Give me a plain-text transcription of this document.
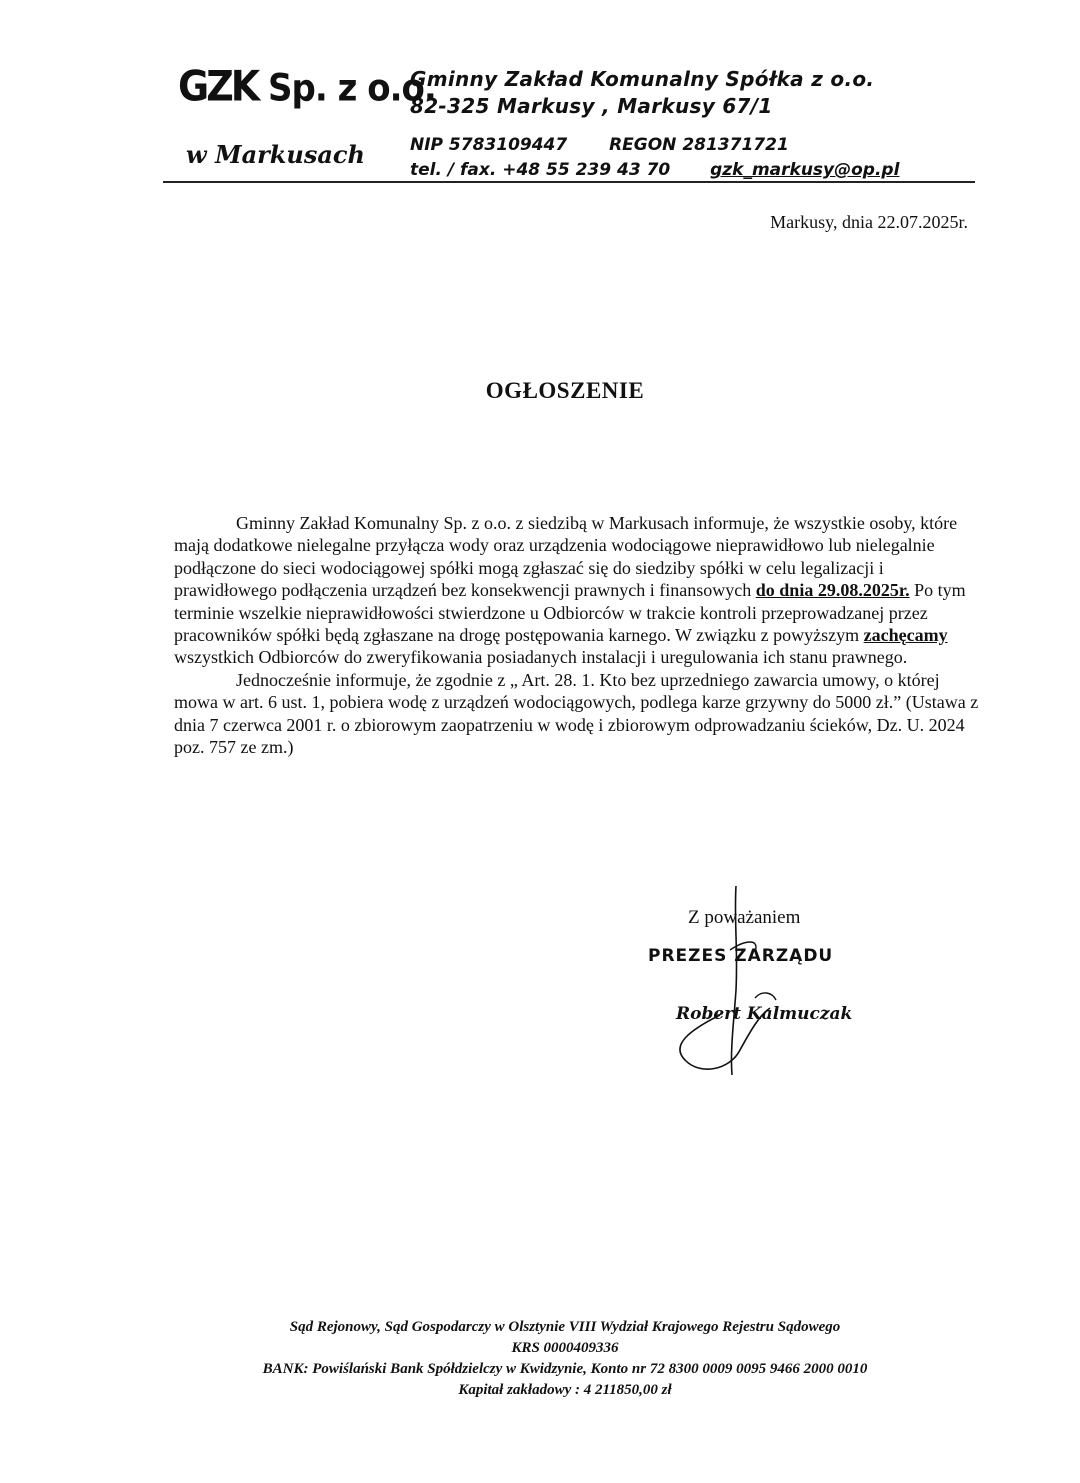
GZK Sp. z o.o.
w Markusach
Gminny Zakład Komunalny Spółka z o.o.
82-325 Markusy , Markusy 67/1
NIP 5783109447 REGON 281371721
tel. / fax. +48 55 239 43 70 gzk_markusy@op.pl
Markusy, dnia 22.07.2025r.
OGŁOSZENIE

Gminny Zakład Komunalny Sp. z o.o. z siedzibą w Markusach informuje, że wszystkie osoby, które mają dodatkowe nielegalne przyłącza wody oraz urządzenia wodociągowe nieprawidłowo lub nielegalnie podłączone do sieci wodociągowej spółki mogą zgłaszać się do siedziby spółki w celu legalizacji i prawidłowego podłączenia urządzeń bez konsekwencji prawnych i finansowych do dnia 29.08.2025r. Po tym terminie wszelkie nieprawidłowości stwierdzone u Odbiorców w trakcie kontroli przeprowadzanej przez pracowników spółki będą zgłaszane na drogę postępowania karnego. W związku z powyższym zachęcamy wszystkich Odbiorców do zweryfikowania posiadanych instalacji i uregulowania ich stanu prawnego.

Jednocześnie informuje, że zgodnie z „ Art. 28. 1. Kto bez uprzedniego zawarcia umowy, o której mowa w art. 6 ust. 1, pobiera wodę z urządzeń wodociągowych, podlega karze grzywny do 5000 zł.” (Ustawa z dnia 7 czerwca 2001 r. o zbiorowym zaopatrzeniu w wodę i zbiorowym odprowadzaniu ścieków, Dz. U. 2024 poz. 757 ze zm.)

Z poważaniem
PREZES ZARZĄDU
Robert Kalmuczak
Sąd Rejonowy, Sąd Gospodarczy w Olsztynie VIII Wydział Krajowego Rejestru Sądowego
KRS 0000409336
BANK: Powiślański Bank Spółdzielczy w Kwidzynie, Konto nr 72 8300 0009 0095 9466 2000 0010
Kapitał zakładowy : 4 211850,00 zł
